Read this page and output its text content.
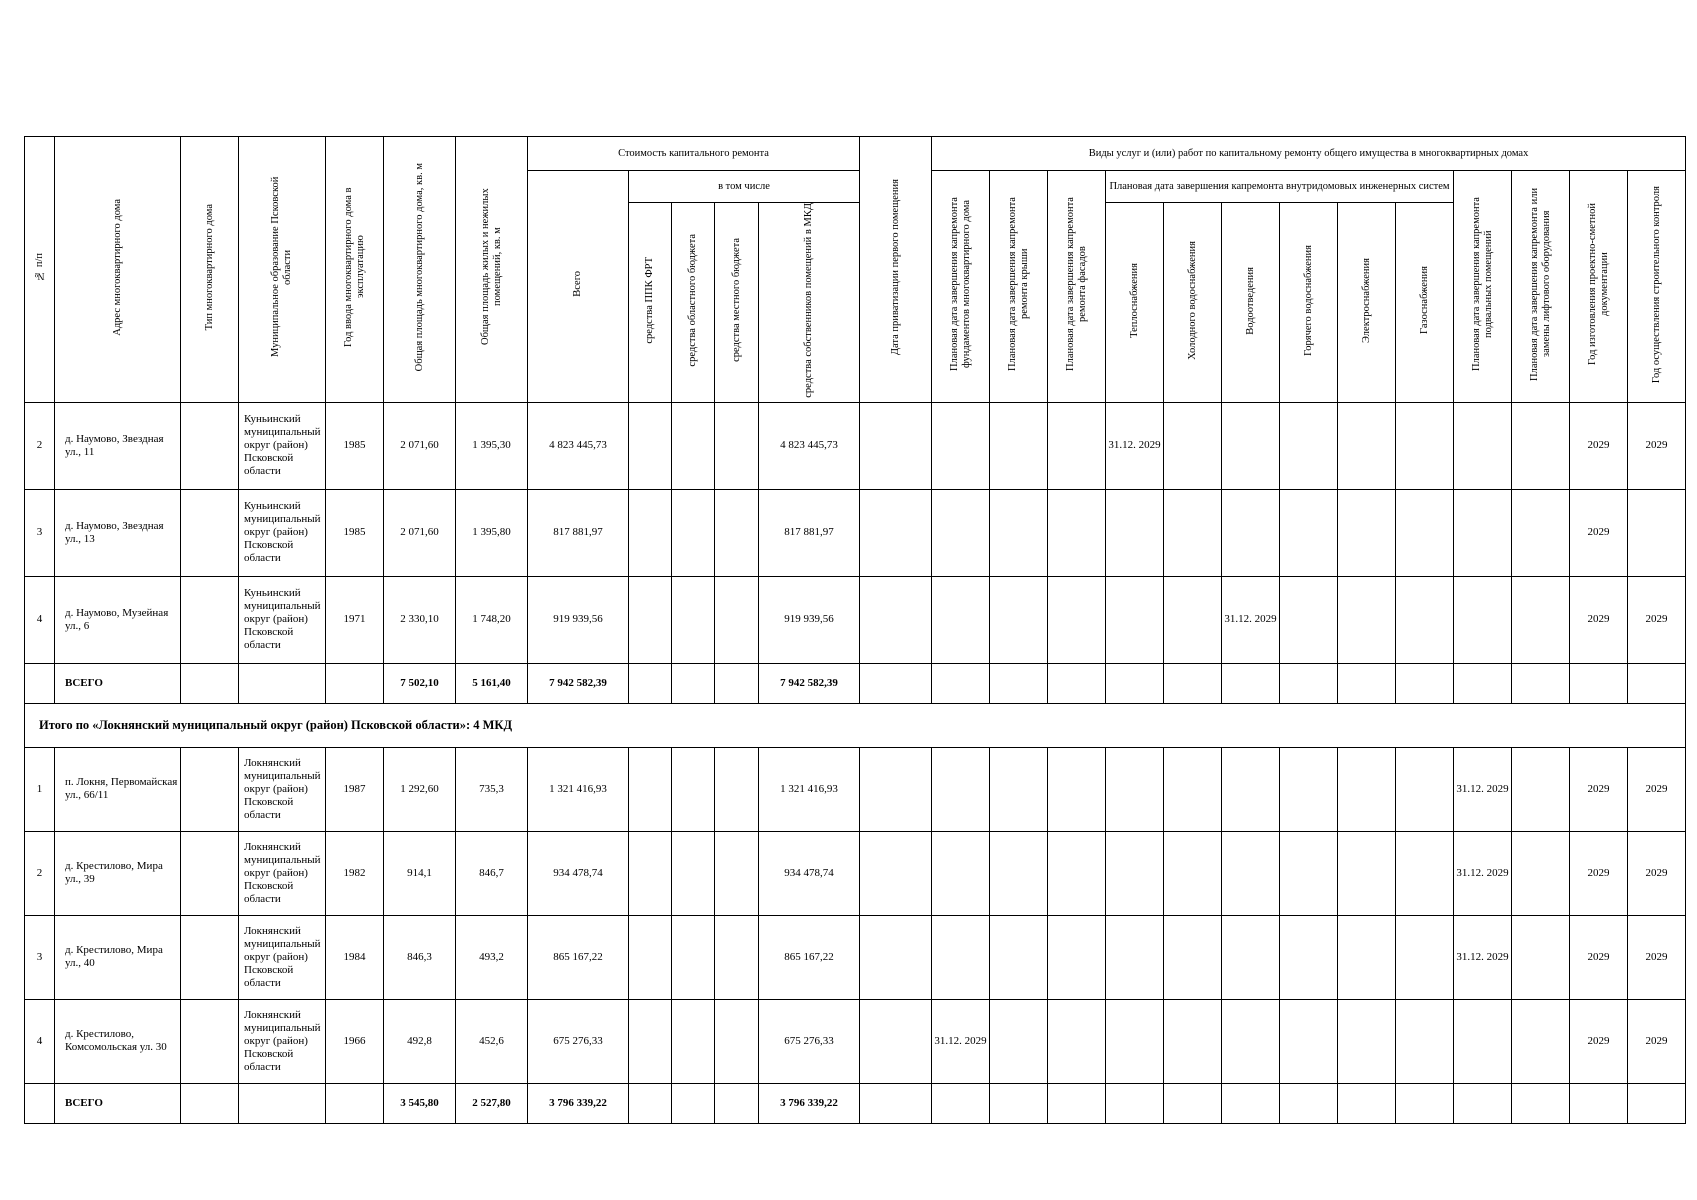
№ п/п	Адрес многоквартирного дома	Тип многоквартирного дома	Муниципальное образование Псковской области	Год ввода многоквартирного дома в эксплуатацию	Общая площадь многоквартирного дома, кв. м	Общая площадь жилых и нежилых помещений, кв. м	Стоимость капитального ремонта					Дата приватизации первого помещения	Виды услуг и (или) работ по капитальному ремонту общего имущества в многоквартирных домах												
							Всего	в том числе					Плановая дата завершения капремонта фундаментов многоквартирного дома	Плановая дата завершения капремонта ремонта крыши	Плановая дата завершения капремонта ремонта фасадов	Плановая дата завершения капремонта внутридомовых инженерных систем						Плановая дата завершения капремонта подвальных помещений	Плановая дата завершения капремонта или замены лифтового оборудования	Год изготовления проектно-сметной документации	Год осуществления строительного контроля
								средства ППК ФРТ	средства областного бюджета	средства местного бюджета	средства собственников помещений в МКД														
																Теплоснабжения	Холодного водоснабжения	Водоотведения	Горячего водоснабжения	Электроснабжения	Газоснабжения				
2	д. Наумово, Звездная ул., 11		Куньинский муниципальный округ (район) Псковской области	1985	2 071,60	1 395,30	4 823 445,73				4 823 445,73					31.12. 2029								2029	2029
3	д. Наумово, Звездная ул., 13		Куньинский муниципальный округ (район) Псковской области	1985	2 071,60	1 395,80	817 881,97				817 881,97													2029	
4	д. Наумово, Музейная ул., 6		Куньинский муниципальный округ (район) Псковской области	1971	2 330,10	1 748,20	919 939,56				919 939,56							31.12. 2029						2029	2029
	ВСЕГО				7 502,10	5 161,40	7 942 582,39				7 942 582,39														
Итого по «Локнянский муниципальный округ (район) Псковской области»: 4 МКД																									
1	п. Локня, Первомайская ул., 66/11		Локнянский муниципальный округ (район) Псковской области	1987	1 292,60	735,3	1 321 416,93				1 321 416,93											31.12. 2029		2029	2029
2	д. Крестилово, Мира ул., 39		Локнянский муниципальный округ (район) Псковской области	1982	914,1	846,7	934 478,74				934 478,74											31.12. 2029		2029	2029
3	д. Крестилово, Мира ул., 40		Локнянский муниципальный округ (район) Псковской области	1984	846,3	493,2	865 167,22				865 167,22											31.12. 2029		2029	2029
4	д. Крестилово, Комсомольская ул. 30		Локнянский муниципальный округ (район) Псковской области	1966	492,8	452,6	675 276,33				675 276,33		31.12. 2029											2029	2029
	ВСЕГО				3 545,80	2 527,80	3 796 339,22				3 796 339,22														
